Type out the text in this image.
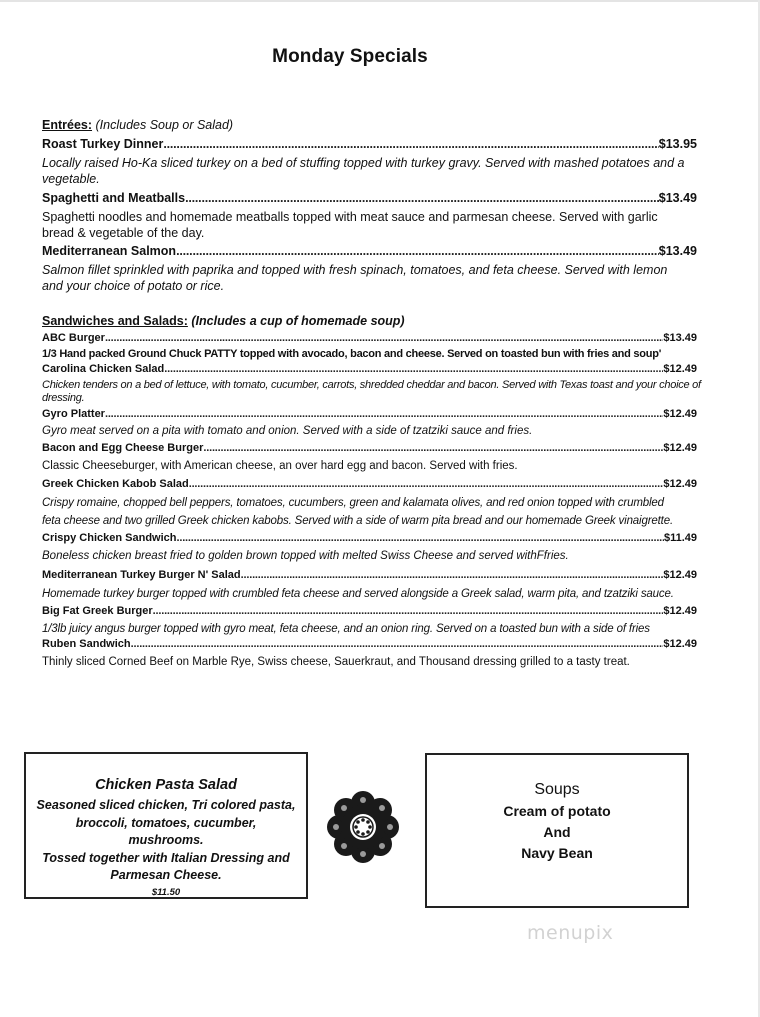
Monday Specials
Entrées: (Includes Soup or Salad)
Roast Turkey Dinner .....	$13.95
Locally raised Ho-Ka sliced turkey on a bed of stuffing topped with turkey gravy. Served with mashed potatoes and a
vegetable.
Spaghetti and Meatballs .....	$13.49
Spaghetti noodles and homemade meatballs topped with meat sauce and parmesan cheese. Served with garlic
bread & vegetable of the day.
Mediterranean Salmon .....	$13.49
Salmon fillet sprinkled with paprika and topped with fresh spinach, tomatoes, and feta cheese. Served with lemon
and your choice of potato or rice.
Sandwiches and Salads: (Includes a cup of homemade soup)
ABC Burger .....	$13.49
1/3 Hand packed Ground Chuck PATTY topped with avocado, bacon and cheese. Served on toasted bun with fries and soup'
Carolina Chicken Salad .....	$12.49
Chicken tenders on a bed of lettuce, with tomato, cucumber, carrots, shredded cheddar and bacon. Served with Texas toast and your choice of
dressing.
Gyro Platter .....	$12.49
Gyro meat served on a pita with tomato and onion. Served with a side of tzatziki sauce and fries.
Bacon and Egg Cheese Burger .....	$12.49
Classic Cheeseburger, with American cheese, an over hard egg and bacon. Served with fries.
Greek Chicken Kabob Salad .....	$12.49
Crispy romaine, chopped bell peppers, tomatoes, cucumbers, green and kalamata olives, and red onion topped with crumbled
feta cheese and two grilled Greek chicken kabobs. Served with a side of warm pita bread and our homemade Greek vinaigrette.
Crispy Chicken Sandwich .....	$11.49
Boneless chicken breast fried to golden brown topped with melted Swiss Cheese and served withFfries.
Mediterranean Turkey Burger N' Salad .....	$12.49
Homemade turkey burger topped with crumbled feta cheese and served alongside a Greek salad, warm pita, and tzatziki sauce.
Big Fat Greek Burger .....	$12.49
1/3lb juicy angus burger topped with gyro meat, feta cheese, and an onion ring. Served on a toasted bun with a side of fries
Ruben Sandwich .....	$12.49
Thinly sliced Corned Beef on Marble Rye, Swiss cheese, Sauerkraut, and Thousand dressing grilled to a tasty treat.
Chicken Pasta Salad
Seasoned sliced chicken, Tri colored pasta,
broccoli, tomatoes, cucumber,
mushrooms.
Tossed together with Italian Dressing and
Parmesan Cheese.
$11.50
Soups
Cream of potato
And
Navy Bean
menupix
